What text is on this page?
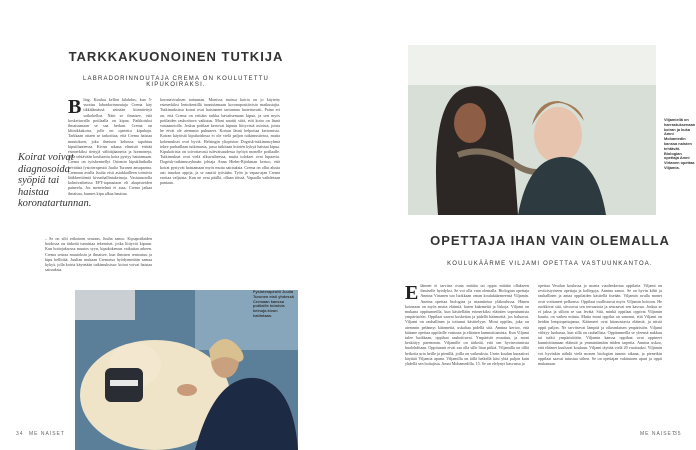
TARKKAKUONOINEN TUTKIJA
LABRADORINNOUTAJA CREMA ON KOULUTETTU KIPUKOIRAKSI.
Bling. Kuuluu kellon kilahdus, kun 5-vuotias labradorinnoutaja Crema käy tikkälämässä seinään kiinnitettyä sotkokelloa. Näin se ilmaisee, että koskettavalla potilaalla on kipua. Paikkoisksi ilmaisumaan se saa herkun. Crema on kliinikkakoira, jolle on opetettu kipuhaju. Tarkkaan ottaen se tarkoittaa, että Crema haistaa muutoksen, joka ihmisen kehossa tapahtuu kiputilanteessa. Kivun aikana elimistö erittää esimerkiksi tiettyjä välittäjäaineita ja hormoneja, joita tehtävään koulutettu koira pystyy haistamaan. Crema on työskennellyt Oriomin kipuklinikalla kevätäsä fysioterapeutti Juulia Turusen ansapartna. Cremaan avulla Juulia etsii asiakkailleen toimivia lääkkeettömiä kivunhallintakeinoja. Vastaanotolla kolmivaiheissa EFT-tapaustaon eli akupisteiden paineelu. Jos menetelmä ei auta, Crema jatkaa ilmaisua, kunnes kipu alkaa hauttua.
Koirat voivat diagnosoida syöpiä tai haistaa koronatartunnan.
– Se on silti erikoinen seuraus, Juulia sanoo. Kipupotilaiden hoidossa on tärkeää tunnistaa tekemiset, jotka liittyvät kipuun. Kun hoitojaksossa muutos syyn, kipukokemus vaikuttaa arkeen. Crema seuraa muutoksia ja ilmaisee, kun ihmisen rentoutuu ja kipu hellittää. Juulian mukaan Cremassa hyödynnetään samaa kykyä, jolla koiria käytetään tutkimuksissa: koirat voivat haistaa sairauksia.
koronaviruksen tartunnan. Monissa maissa koiria on jo käytetty esimerkiksi lentokentillä tunnistamaan koronapositiivisia matkustajia. Tutkimuksissa koirat ovat haistaneet tartunnan luotettavasti. Paino eri on, että Crema on erittäin tarkka havaitsemaan kipua, ja sen myös potilaiden rauhoittava vaikutus. Moni nauttii siitä, että koira on läsnä vastaanotolla. Joskus potilaat kertovat kipuun liittyvistä asioista, joista he eivät ole aiemmin puhuneet. Koiran läsnä helpottaa kertomista. Koiran käytöstä kipuhoidossa ei ole vielä paljon tutkimustietoa, mutta kokemukset ovat hyviä. Helsingin yliopiston Dogrisk-tutkimusryhmä tekee parhaillaan tutkimusta, jossa tutkitaan koirien kykyä haistaa kipua. Kipukoirista on toivottavasti tulevaisuudessa hyötyä monelle potilaalle. Tutkimukset ovat vielä alkuvaiheessa, mutta tulokset ovat lupaavia. Dogrisk-tutkimusryhmän johtaja Anna Hielm-Björkman kertoo, että koirat pystyvät haistamaan myös muita sairauksia. Crema on ollut alusta asti innokas oppija, ja se nauttii työstään. Työn ja vapaa-ajan Crema erottaa valjaista: Kun ne ovat päällä, ollaan töissä. Vapaalla vaihdetaan pantaan.
Fysioterapeutti Juulia Turunen etsii yhdessä Cremaan kanssa potilaille toimivia keinoja kivun hallintaan.
Viljamiellä on harrastuksenaan koiran ja kuka Amni Mohamedin kanssa naisten tehtävät. Biologian opettaja Amni Virtanen opettaa Viljamia.
OPETTAJA IHAN VAIN OLEMALLA
KOULUKÄÄRME VILJAMI OPETTAA VASTUUNKANTOA.
Eläimen ei tarvitse osata mitään tai oppia mitään ollakseen ihmiselle hyödyksi. Se voi olla vain olemalla. Biologian opettaja Annina Virtanen tuo luokkaan oman koulukäärmeensä Viljamin. Annina opettaa biologiaa ja maantietoa yläkoulussa. Hänen kotonaan on myös muita eläimiä, kuten käärmeitä ja liskoja. Viljami on mukana oppitunneilla, kun käsitellään esimerkiksi eläinten sopeutumista ympäristöön. Oppilaat saavat koskettaa ja pidellä käärmettä, jos haluavat. Viljami on rauhallinen ja tottunut käsittelyyn. Moni oppilas, joka on aiemmin pelännyt käärmeitä, uskaltaa pidellä sitä. Annina kertoo, että käärme opettaa oppilaille vastuuta ja eläinten kunnioittamista. Kun Viljami tulee luokkaan, oppilaat rauhoittuvat. Ympäristö muuttuu, ja moni keskittyy paremmin. Viljamille on tärkeää, että sen hyvinvoinnista huolehditaan. Oppitunnit eivät saa olla sille liian pitkiä. Viljamilla on tilliä heikoita uria heille ja pienillä, joilla on vaikeuksia. Usein koulun kuraattori käyttää Viljamia apuna. Viljamilla on tällä hetkellä käsi yhtä paljon kuin yhdellä sen hoitajista, Amni Mohamedilla, 15. Se on elelynyt kasvussa ja
opettaa Vesalan koulussa jo monta vuodenkertaa oppilaita. Viljami on reviiristyöseen opettaja ja kollegoja, Annina sanoo. Se on hyvin kiltti ja rauhallinen ja antaa oppilaiden käsitellä itseään. Viljamin avulla monet ovat voittaneet pelkonsa. Oppilaat osallistuvat myös Viljamin hoitoon. He ruokkivat sitä, siivoavat sen terraariota ja seuraavat sen kasvua. Joskus se ei jaksa ja silloin se saa levätä. Sitä, minkä oppilaat oppivat Viljamin kautta, on vaikea mitata. Mutta moni oppilas on sanonut, että Viljami on heidän lempiopettajansa. Käärmeet ovat kiinnostavia eläimiä, ja niistä oppii paljon. Ne tarvitsevat lämpöä ja oikeanlaisen ympäristön. Viljami viihtyy luokassa, kun sillä on rauhallista. Oppitunneilla se yleensä nukkuu tai tutkii ympäristöään. Viljamin kanssa oppilaat ovat oppineet kunnioittamaan eläimiä ja ymmärtämään niiden tarpeita. Annina uskoo, että eläimet kuuluvat kouluun. Viljami täyttää vielä 20 vuotiaaksi. Viljamin voi hyvinkin nähdä vielä monen biologian tunnin aikana, ja pienetkin oppilaat saavat tutustua siihen. Se on opettajan vakituinen apuri ja oppii mukanaan.
34 ME NAISET	ME NAISET
35
